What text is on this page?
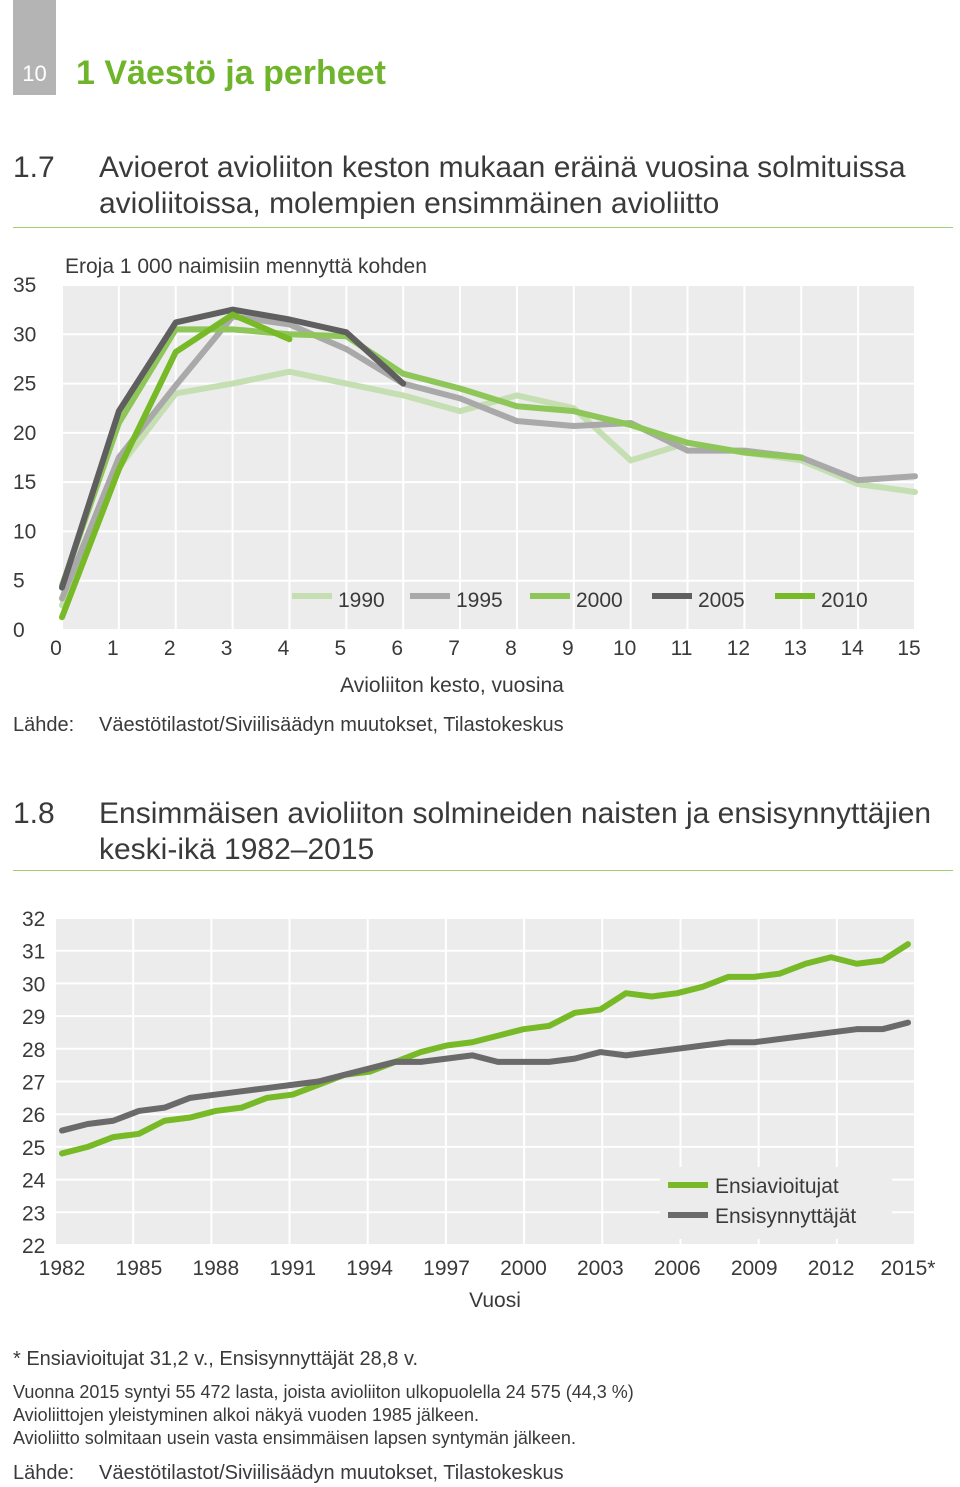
10 1 Väestö ja perheet
1.7 Avioerot avioliiton keston mukaan eräinä vuosina solmituissa avioliitoissa, molempien ensimmäinen avioliitto
0
5
10
15
20
25
30
35
0 1 2 3 4 5 6 7 8 9 10 11 12 13 14 15
Eroja 1 000 naimisiin mennyttä kohden
Avioliiton kesto, vuosina
1990	1995	2000	2005	2010
Lähde: Väestötilastot/Siviilisäädyn muutokset, Tilastokeskus
1.8 Ensimmäisen avioliiton solmineiden naisten ja ensisynnyttäjien keski-ikä 1982–2015
22
23
24
25
26
27
28
29
30
31
32
1982 1985 1988 1991 1994 1997 2000 2003 2006 2009 2012 2015*
Vuosi
Ensiavioitujat
Ensisynnyttäjät
* Ensiavioitujat 31,2 v., Ensisynnyttäjät 28,8 v.
Vuonna 2015 syntyi 55 472 lasta, joista avioliiton ulkopuolella 24 575 (44,3 %)
Avioliittojen yleistyminen alkoi näkyä vuoden 1985 jälkeen.
Avioliitto solmitaan usein vasta ensimmäisen lapsen syntymän jälkeen.
Lähde: Väestötilastot/Siviilisäädyn muutokset, Tilastokeskus
